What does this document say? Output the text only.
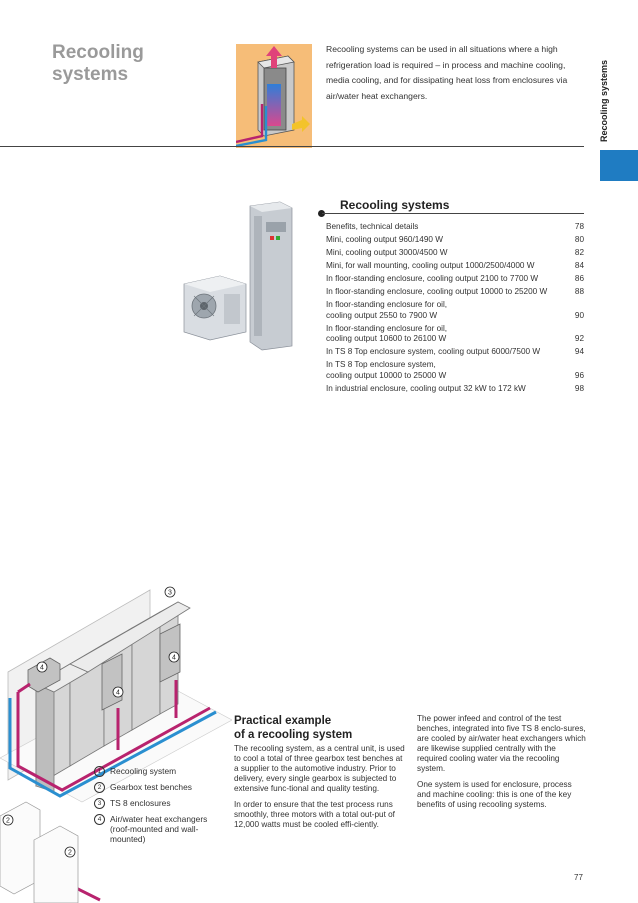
Recooling
systems
Recooling systems can be used in all situations where a high refrigeration load is required – in process and machine cooling, media cooling, and for dissipating heat loss from enclosures via air/water heat exchangers.	Recooling systems
Recooling systems
Benefits, technical details	78
Mini, cooling output 960/1490 W	80
Mini, cooling output 3000/4500 W	82
Mini, for wall mounting, cooling output 1000/2500/4000 W	84
In floor-standing enclosure, cooling output 2100 to 7700 W	86
In floor-standing enclosure, cooling output 10000 to 25200 W	88
In floor-standing enclosure for oil,
cooling output 2550 to 7900 W	90
In floor-standing enclosure for oil,
cooling output 10600 to 26100 W	92
In TS 8 Top enclosure system, cooling output 6000/7500 W	94
In TS 8 Top enclosure system,
cooling output 10000 to 25000 W	96
In industrial enclosure, cooling output 32 kW to 172 kW	98
3
4
4
4
2
2
1	Recooling system
2	Gearbox test benches
3	TS 8 enclosures
4	Air/water heat exchangers
(roof-mounted and wall-
mounted)
Practical example
of a recooling system

The recooling system, as a central unit, is used to cool a total of three gearbox test benches at a supplier to the automotive industry. Prior to delivery, every single gearbox is subjected to extensive func-tional and quality testing.

In order to ensure that the test process runs smoothly, three motors with a total out-put of 12,000 watts must be cooled effi-ciently.

The power infeed and control of the test benches, integrated into five TS 8 enclo-sures, are cooled by air/water heat exchangers which are likewise supplied centrally with the required cooling water via the recooling system.

One system is used for enclosure, process and machine cooling: this is one of the key benefits of using recooling systems.

77
